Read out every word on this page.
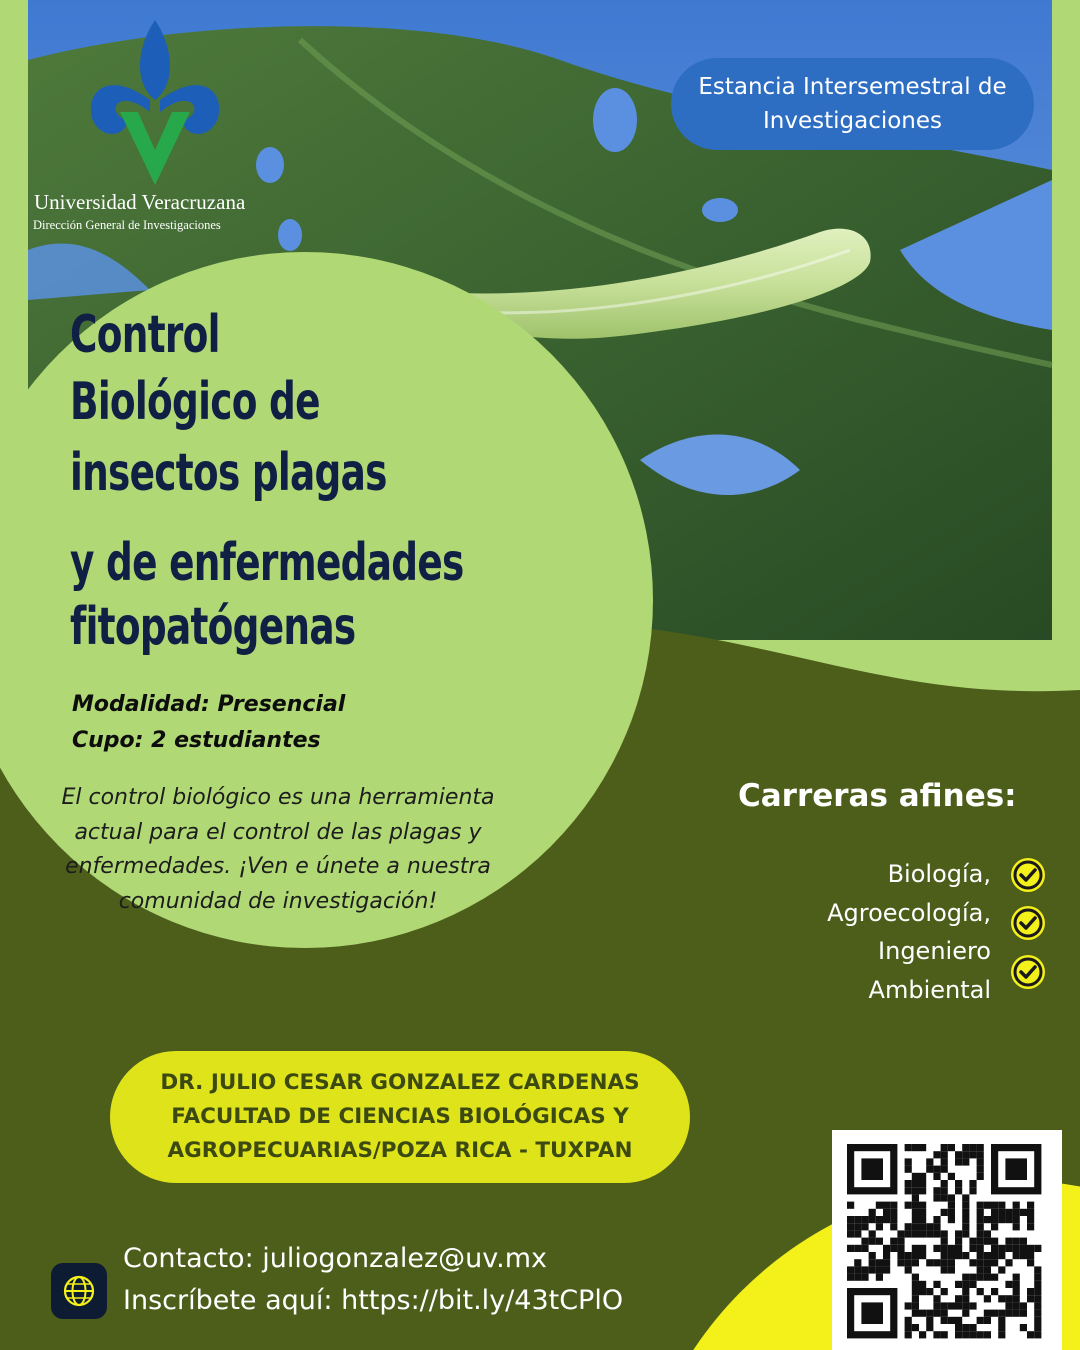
Universidad Veracruzana
Dirección General de Investigaciones
Estancia Intersemestral de
Investigaciones
Control
Biológico de
insectos plagas
y de enfermedades
fitopatógenas
Modalidad: Presencial
Cupo: 2 estudiantes
El control biológico es una herramienta actual para el control de las plagas y enfermedades. ¡Ven e únete a nuestra comunidad de investigación!
Carreras afines:
Biología,
Agroecología,
Ingeniero
Ambiental
DR. JULIO CESAR GONZALEZ CARDENAS
FACULTAD DE CIENCIAS BIOLÓGICAS Y
AGROPECUARIAS/POZA RICA - TUXPAN
Contacto: juliogonzalez@uv.mx
Inscríbete aquí: https://bit.ly/43tCPlO
